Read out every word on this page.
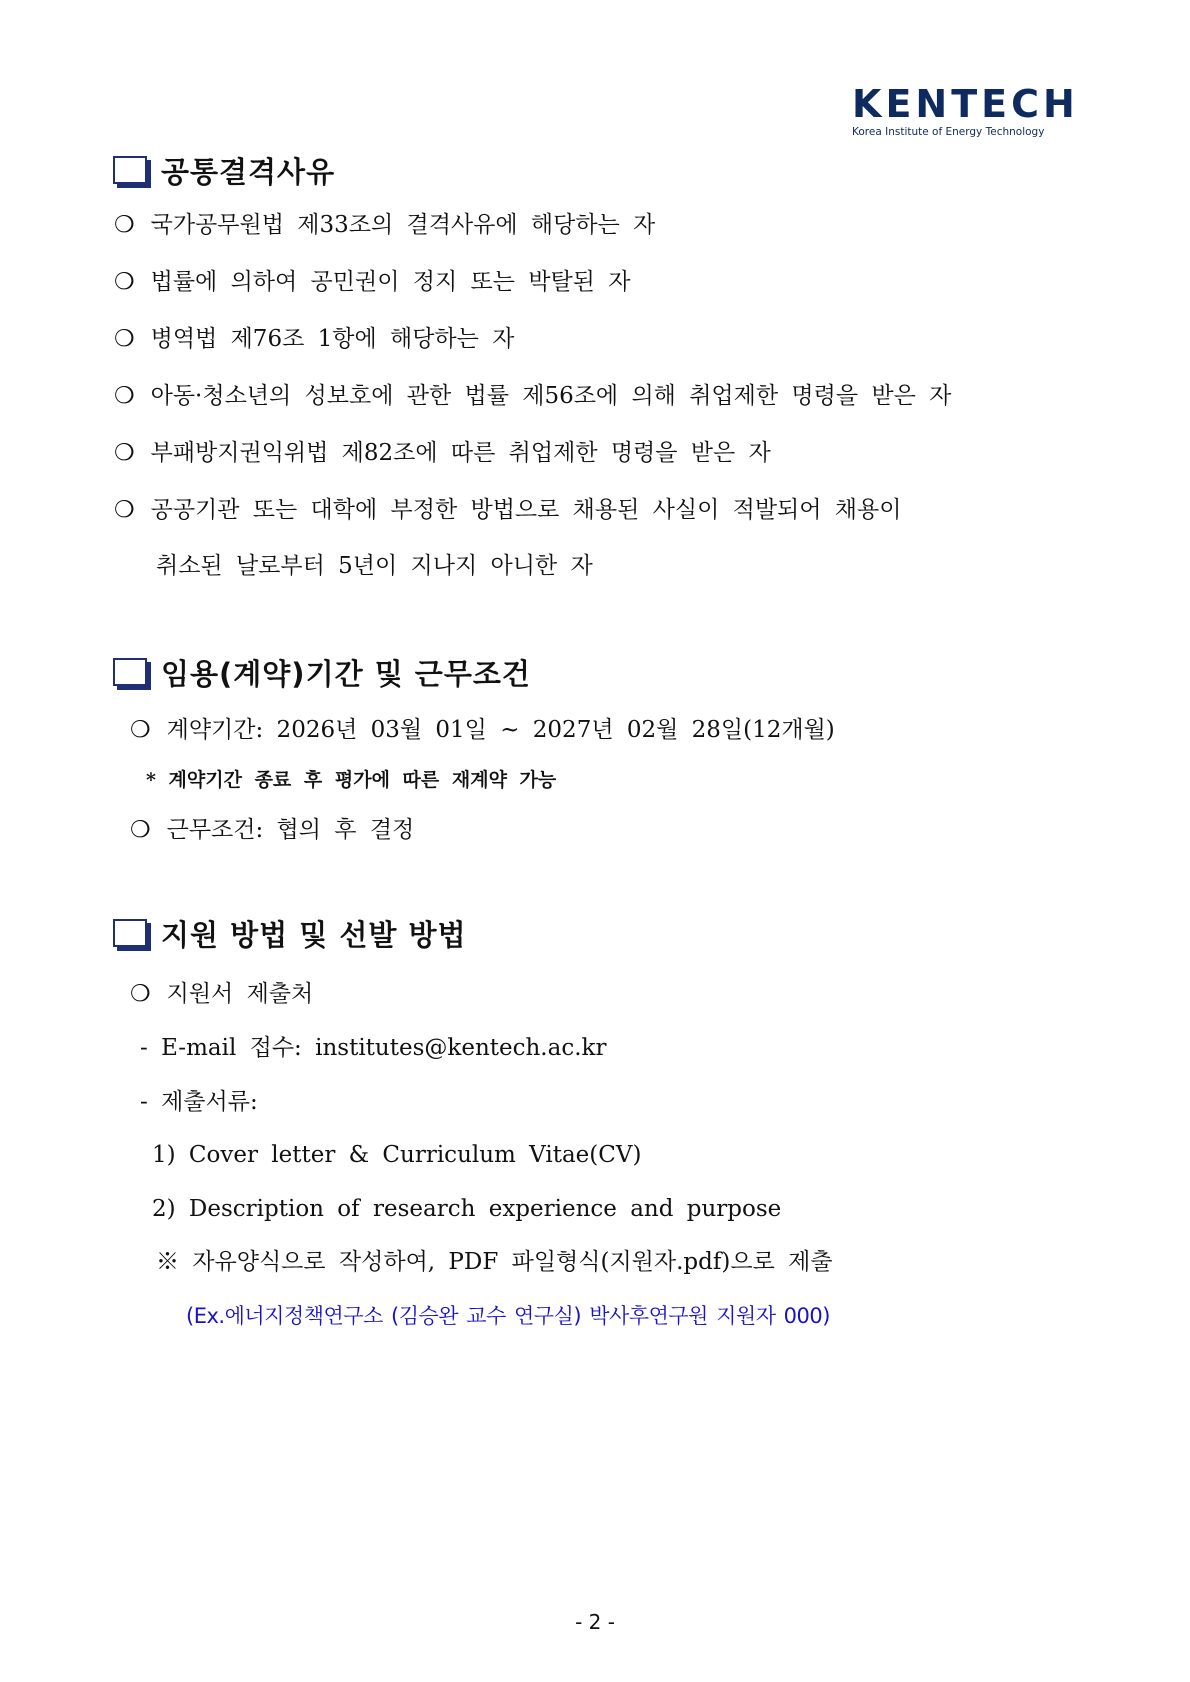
KENTECH
Korea Institute of Energy Technology
공통결격사유
❍ 국가공무원법 제33조의 결격사유에 해당하는 자
❍ 법률에 의하여 공민권이 정지 또는 박탈된 자
❍ 병역법 제76조 1항에 해당하는 자
❍ 아동·청소년의 성보호에 관한 법률 제56조에 의해 취업제한 명령을 받은 자
❍ 부패방지권익위법 제82조에 따른 취업제한 명령을 받은 자
❍ 공공기관 또는 대학에 부정한 방법으로 채용된 사실이 적발되어 채용이
취소된 날로부터 5년이 지나지 아니한 자
임용(계약)기간 및 근무조건
❍ 계약기간: 2026년 03월 01일 ~ 2027년 02월 28일(12개월)
* 계약기간 종료 후 평가에 따른 재계약 가능
❍ 근무조건: 협의 후 결정
지원 방법 및 선발 방법
❍ 지원서 제출처
- E-mail 접수: institutes@kentech.ac.kr
- 제출서류:
1) Cover letter & Curriculum Vitae(CV)
2) Description of research experience and purpose
※ 자유양식으로 작성하여, PDF 파일형식(지원자.pdf)으로 제출
(Ex.에너지정책연구소 (김승완 교수 연구실) 박사후연구원 지원자 000)
- 2 -
